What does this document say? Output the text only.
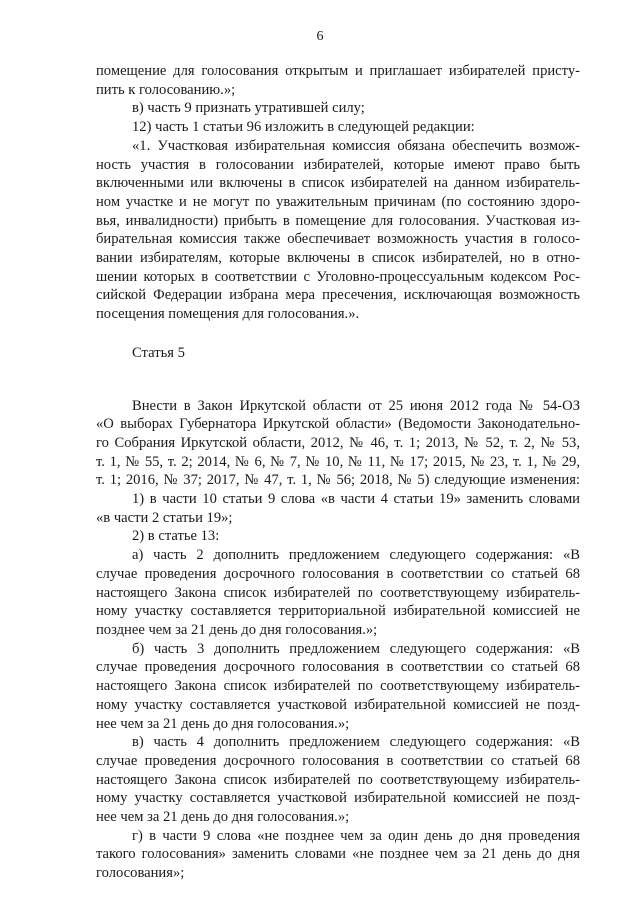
6
помещение для голосования открытым и приглашает избирателей присту-
пить к голосованию.»;
в) часть 9 признать утратившей силу;
12) часть 1 статьи 96 изложить в следующей редакции:
«1. Участковая избирательная комиссия обязана обеспечить возмож-
ность участия в голосовании избирателей, которые имеют право быть
включенными или включены в список избирателей на данном избиратель-
ном участке и не могут по уважительным причинам (по состоянию здоро-
вья, инвалидности) прибыть в помещение для голосования. Участковая из-
бирательная комиссия также обеспечивает возможность участия в голосо-
вании избирателям, которые включены в список избирателей, но в отно-
шении которых в соответствии с Уголовно-процессуальным кодексом Рос-
сийской Федерации избрана мера пресечения, исключающая возможность
посещения помещения для голосования.».
Статья 5
Внести в Закон Иркутской области от 25 июня 2012 года № 54-ОЗ
«О выборах Губернатора Иркутской области» (Ведомости Законодательно-
го Собрания Иркутской области, 2012, № 46, т. 1; 2013, № 52, т. 2, № 53,
т. 1, № 55, т. 2; 2014, № 6, № 7, № 10, № 11, № 17; 2015, № 23, т. 1, № 29,
т. 1; 2016, № 37; 2017, № 47, т. 1, № 56; 2018, № 5) следующие изменения:
1) в части 10 статьи 9 слова «в части 4 статьи 19» заменить словами
«в части 2 статьи 19»;
2) в статье 13:
а) часть 2 дополнить предложением следующего содержания: «В
случае проведения досрочного голосования в соответствии со статьей 68
настоящего Закона список избирателей по соответствующему избиратель-
ному участку составляется территориальной избирательной комиссией не
позднее чем за 21 день до дня голосования.»;
б) часть 3 дополнить предложением следующего содержания: «В
случае проведения досрочного голосования в соответствии со статьей 68
настоящего Закона список избирателей по соответствующему избиратель-
ному участку составляется участковой избирательной комиссией не позд-
нее чем за 21 день до дня голосования.»;
в) часть 4 дополнить предложением следующего содержания: «В
случае проведения досрочного голосования в соответствии со статьей 68
настоящего Закона список избирателей по соответствующему избиратель-
ному участку составляется участковой избирательной комиссией не позд-
нее чем за 21 день до дня голосования.»;
г) в части 9 слова «не позднее чем за один день до дня проведения
такого голосования» заменить словами «не позднее чем за 21 день до дня
голосования»;
